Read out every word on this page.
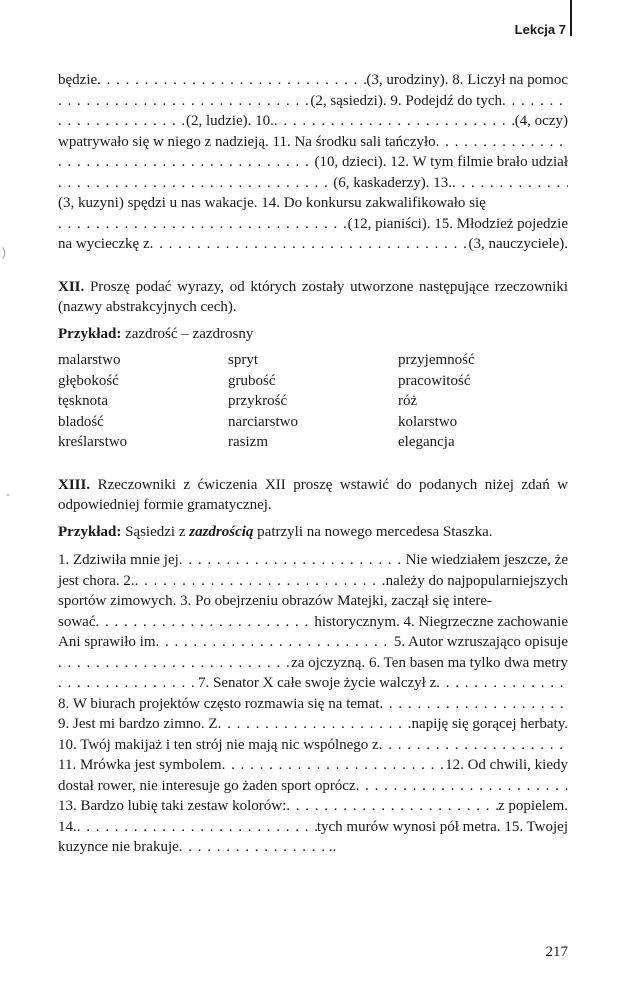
Lekcja 7
)
-

będzie . . .	(3, urodziny). 8. Liczył na pomoc

. . .
(2, sąsiedzi). 9. Podejdź do tych
. . .

. . .
(2, ludzie). 10. . . .	(4, oczy)

wpatrywało się w niego z nadzieją. 11. Na środku sali tańczyło
. . .

. . .
(10, dzieci). 12. W tym filmie brało udział

. . .
(6, kaskaderzy). 13.
. . .

(3, kuzyni) spędzi u nas wakacje. 14. Do konkursu zakwalifikowało się

. . .
(12, pianiści). 15. Młodzież pojedzie

na wycieczkę z . . .	(3, nauczyciele).

XII. Proszę podać wyrazy, od których zostały utworzone następujące rzeczowniki (nazwy abstrakcyjnych cech).

Przykład: zazdrość – zazdrosny

malarstwo	spryt	przyjemność
głębokość	grubość	pracowitość
tęsknota	przykrość	róż
bladość	narciarstwo	kolarstwo
kreślarstwo	rasizm	elegancja

XIII. Rzeczowniki z ćwiczenia XII proszę wstawić do podanych niżej zdań w odpowiedniej formie gramatycznej.

Przykład: Sąsiedzi z zazdrością patrzyli na nowego mercedesa Staszka.

1. Zdziwiła mnie jej . . .	Nie wiedziałem jeszcze, że

jest chora. 2. . . .	należy do najpopularniejszych

sportów zimowych. 3. Po obejrzeniu obrazów Matejki, zaczął się intere-

sować . . .	historycznym. 4. Niegrzeczne zachowanie

Ani sprawiło im . . .	5. Autor wzruszająco opisuje

. . .
za ojczyzną. 6. Ten basen ma tylko dwa metry

. . .
7. Senator X całe swoje życie walczył z
. . .

8. W biurach projektów często rozmawia się na temat
. . .

9. Jest mi bardzo zimno. Z . . .	napiję się gorącej herbaty.

10. Twój makijaż i ten strój nie mają nic wspólnego z
. . .

11. Mrówka jest symbolem . . .	12. Od chwili, kiedy

dostał rower, nie interesuje go żaden sport oprócz
. . .

13. Bardzo lubię taki zestaw kolorów: . . .	z popielem.

14. . . .	tych murów wynosi pół metra. 15. Twojej

kuzynce nie brakuje . . .	..

217
